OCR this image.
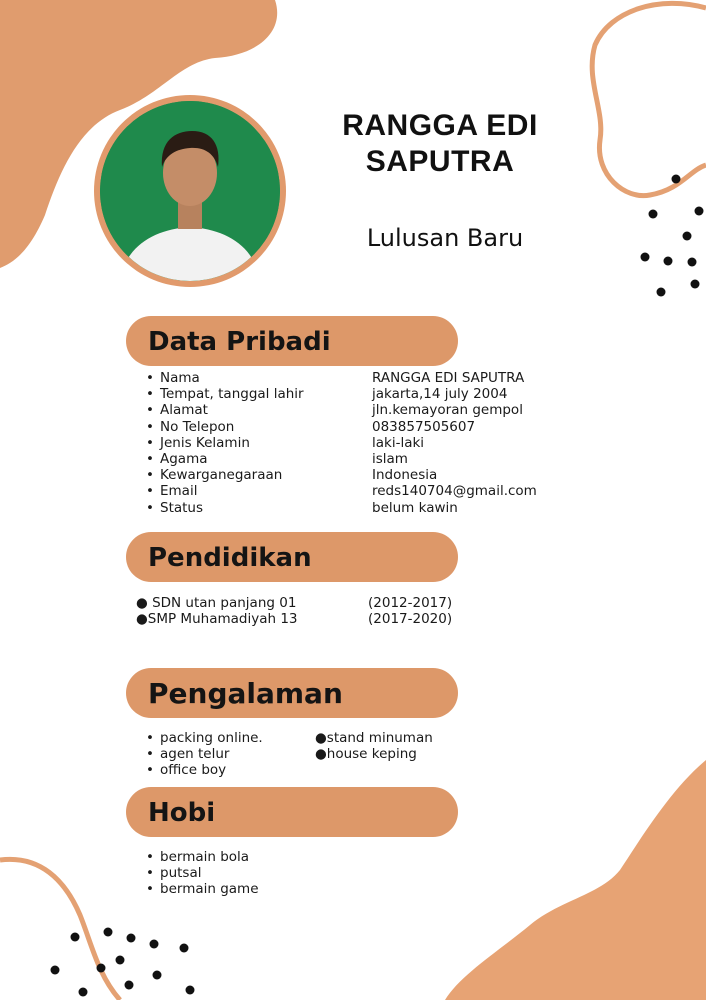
RANGGA EDI
SAPUTRA
Lulusan Baru
Data Pribadi
• Nama
• Tempat, tanggal lahir
• Alamat
• No Telepon
• Jenis Kelamin
• Agama
• Kewarganegaraan
• Email
• Status
RANGGA EDI SAPUTRA
jakarta,14 july 2004
jln.kemayoran gempol
083857505607
laki-laki
islam
Indonesia
reds140704@gmail.com
belum kawin
Pendidikan
● SDN utan panjang 01	(2012-2017)
●SMP Muhamadiyah 13	(2017-2020)
Pengalaman
• packing online.
• agen telur
• office boy
●stand minuman
●house keping
Hobi
• bermain bola
• putsal
• bermain game
